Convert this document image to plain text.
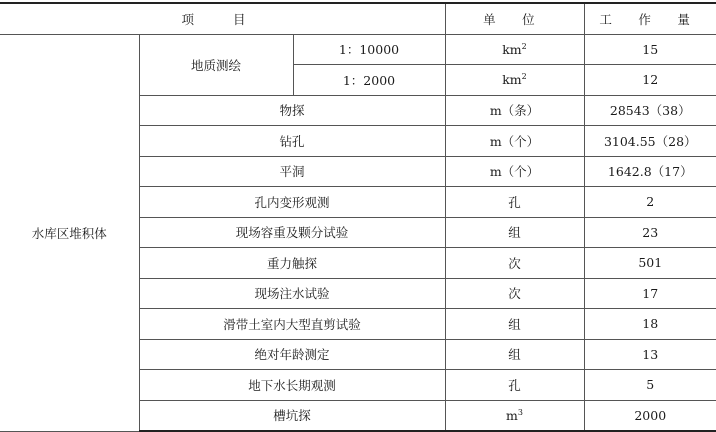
项 目			单 位	工 作 量
水库区堆积体	地质测绘	1：10000	$km^2$	15
		1：2000	$km^2$	12
	物探		m（条）	28543（38）
	钻孔		m（个）	3104.55（28）
	平洞		m（个）	1642.8（17）
	孔内变形观测		孔	2
	现场容重及颗分试验		组	23
	重力触探		次	501
	现场注水试验		次	17
	滑带土室内大型直剪试验		组	18
	绝对年龄测定		组	13
	地下水长期观测		孔	5
	槽坑探		$m^3$	2000
